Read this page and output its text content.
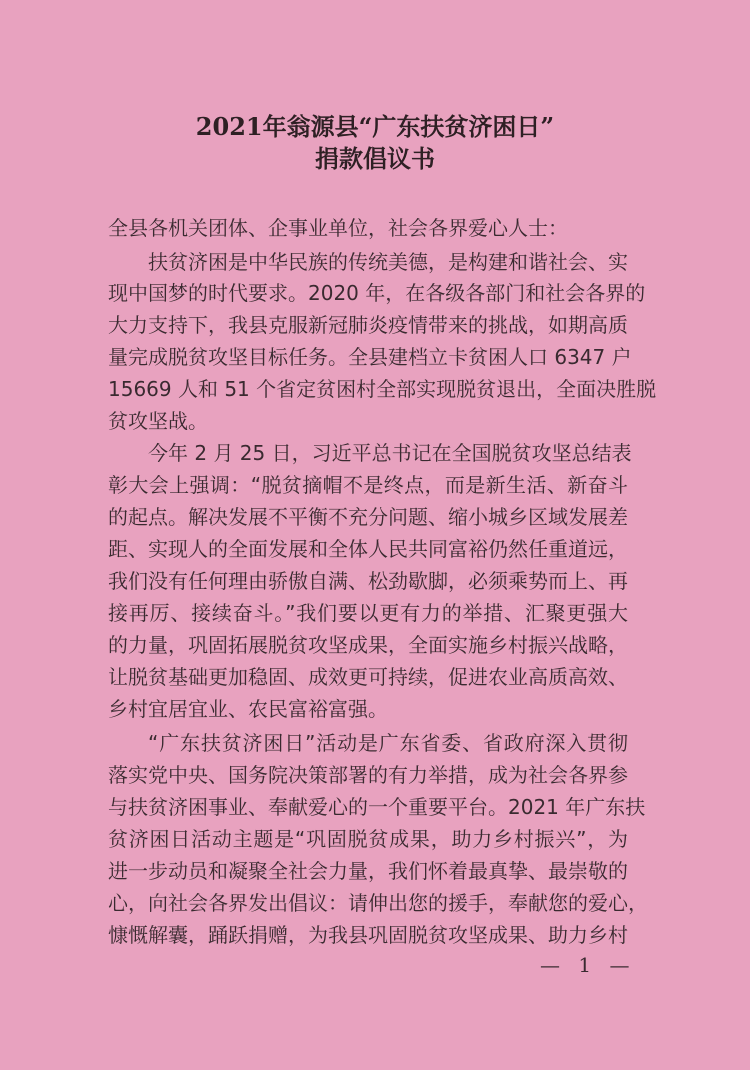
2021年翁源县“广东扶贫济困日”
捐款倡议书
全县各机关团体、企事业单位，社会各界爱心人士：
扶贫济困是中华民族的传统美德，是构建和谐社会、实
现中国梦的时代要求。2020 年，在各级各部门和社会各界的
大力支持下，我县克服新冠肺炎疫情带来的挑战，如期高质
量完成脱贫攻坚目标任务。全县建档立卡贫困人口 6347 户
15669 人和 51 个省定贫困村全部实现脱贫退出，全面决胜脱
贫攻坚战。
今年 2 月 25 日，习近平总书记在全国脱贫攻坚总结表
彰大会上强调：“脱贫摘帽不是终点，而是新生活、新奋斗
的起点。解决发展不平衡不充分问题、缩小城乡区域发展差
距、实现人的全面发展和全体人民共同富裕仍然任重道远，
我们没有任何理由骄傲自满、松劲歇脚，必须乘势而上、再
接再厉、接续奋斗。”我们要以更有力的举措、汇聚更强大
的力量，巩固拓展脱贫攻坚成果，全面实施乡村振兴战略，
让脱贫基础更加稳固、成效更可持续，促进农业高质高效、
乡村宜居宜业、农民富裕富强。
“广东扶贫济困日”活动是广东省委、省政府深入贯彻
落实党中央、国务院决策部署的有力举措，成为社会各界参
与扶贫济困事业、奉献爱心的一个重要平台。2021 年广东扶
贫济困日活动主题是“巩固脱贫成果，助力乡村振兴”，为
进一步动员和凝聚全社会力量，我们怀着最真挚、最崇敬的
心，向社会各界发出倡议：请伸出您的援手，奉献您的爱心，
慷慨解囊，踊跃捐赠，为我县巩固脱贫攻坚成果、助力乡村
— 1 —
